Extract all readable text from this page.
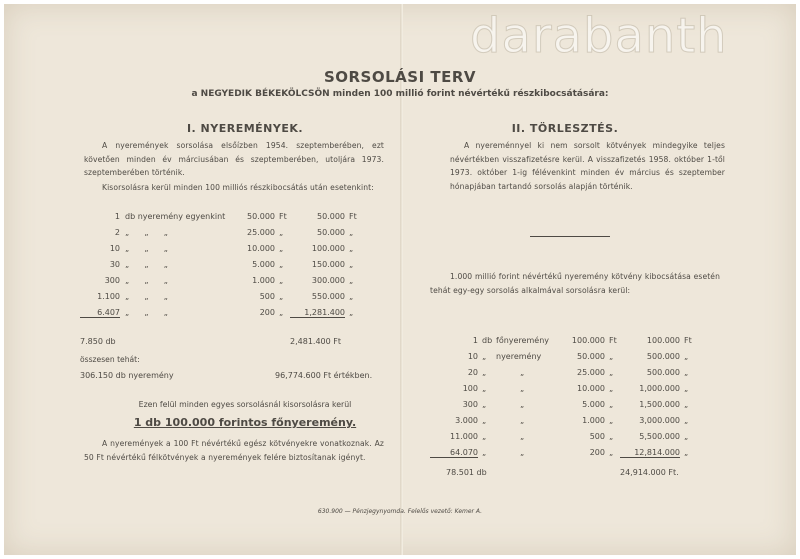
darabanth
SORSOLÁSI TERV
a NEGYEDIK BÉKEKÖLCSÖN minden 100 millió forint névértékű részkibocsátására:
I. NYEREMÉNYEK.

A nyeremények sorsolása elsőízben 1954. szeptemberében, ezt követően minden év márciusában és szeptemberében, utoljára 1973. szeptemberében történik.

Kisorsolásra kerül minden 100 milliós részkibocsátás után esetenkint:

1 db nyeremény egyenkint	50.000 Ft	50.000 Ft
2 „      „      „	25.000 „	50.000 „
10 „      „      „	10.000 „	100.000 „
30 „      „      „	5.000 „	150.000 „
300 „      „      „	1.000 „	300.000 „
1.100 „      „      „	500 „	550.000 „
6.407 „      „      „	200 „	1,281.400 „
7.850 db	2,481.400 Ft
összesen tehát:
306.150 db nyeremény	96,774.600 Ft értékben.
Ezen felül minden egyes sorsolásnál kisorsolásra kerül
1 db 100.000 forintos főnyeremény.

A nyeremények a 100 Ft névértékű egész kötvényekre vonatkoznak. Az 50 Ft névértékű félkötvények a nyeremények felére biztosítanak igényt.

II. TÖRLESZTÉS.

A nyereménnyel ki nem sorsolt kötvények mindegyike teljes névértékben visszafizetésre kerül. A visszafizetés 1958. október 1-től 1973. október 1-ig félévenkint minden év március és szeptember hónapjában tartandó sorsolás alapján történik.

1.000 millió forint névértékű nyeremény kötvény kibocsátása esetén tehát egy-egy sorsolás alkalmával sorsolásra kerül:

1 db főnyeremény	100.000 Ft	100.000 Ft
10 „ nyeremény	50.000 „	500.000 „
20 „	„	25.000 „	500.000 „
100 „	„	10.000 „	1,000.000 „
300 „	„	5.000 „	1,500.000 „
3.000 „	„	1.000 „	3,000.000 „
11.000 „	„	500 „	5,500.000 „
64.070 „	„	200 „	12,814.000 „
78.501 db	24,914.000 Ft.
630.900 — Pénzjegynyomda. Felelős vezető: Kemer A.
